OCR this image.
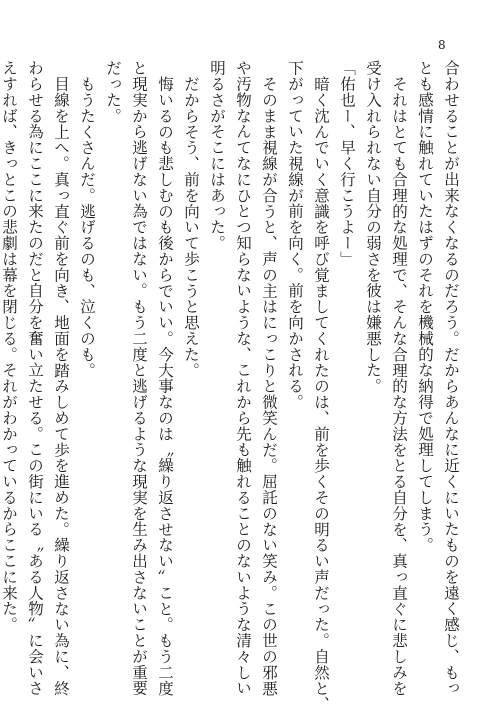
8
合わせることが出来なくなるのだろう。だからあんなに近くにいたものを遠く感じ、もっ
とも感情に触れていたはずのそれを機械的な納得で処理してしまう。
それはとても合理的な処理で、そんな合理的な方法をとる自分を、真っ直ぐに悲しみを
受け入れられない自分の弱さを彼は嫌悪した。
「佑也ー、早く行こうよー」
暗く沈んでいく意識を呼び覚ましてくれたのは、前を歩くその明るい声だった。自然と、
下がっていた視線が前を向く。前を向かされる。
そのまま視線が合うと、声の主はにっこりと微笑んだ。屈託のない笑み。この世の邪悪
や汚物なんてなにひとつ知らないような、これから先も触れることのないような清々しい
明るさがそこにはあった。
だからそう、前を向いて歩こうと思えた。
悔いるのも悲しむのも後からでいい。今大事なのは〝繰り返させない〟こと。もう二度
と現実から逃げない為ではない。もう二度と逃げるような現実を生み出さないことが重要
だった。
もうたくさんだ。逃げるのも、泣くのも。
目線を上へ。真っ直ぐ前を向き、地面を踏みしめて歩を進めた。繰り返さない為に、終
わらせる為にここに来たのだと自分を奮い立たせる。この街にいる〝ある人物〟に会いさ
えすれば、きっとこの悲劇は幕を閉じる。それがわかっているからここに来た。
